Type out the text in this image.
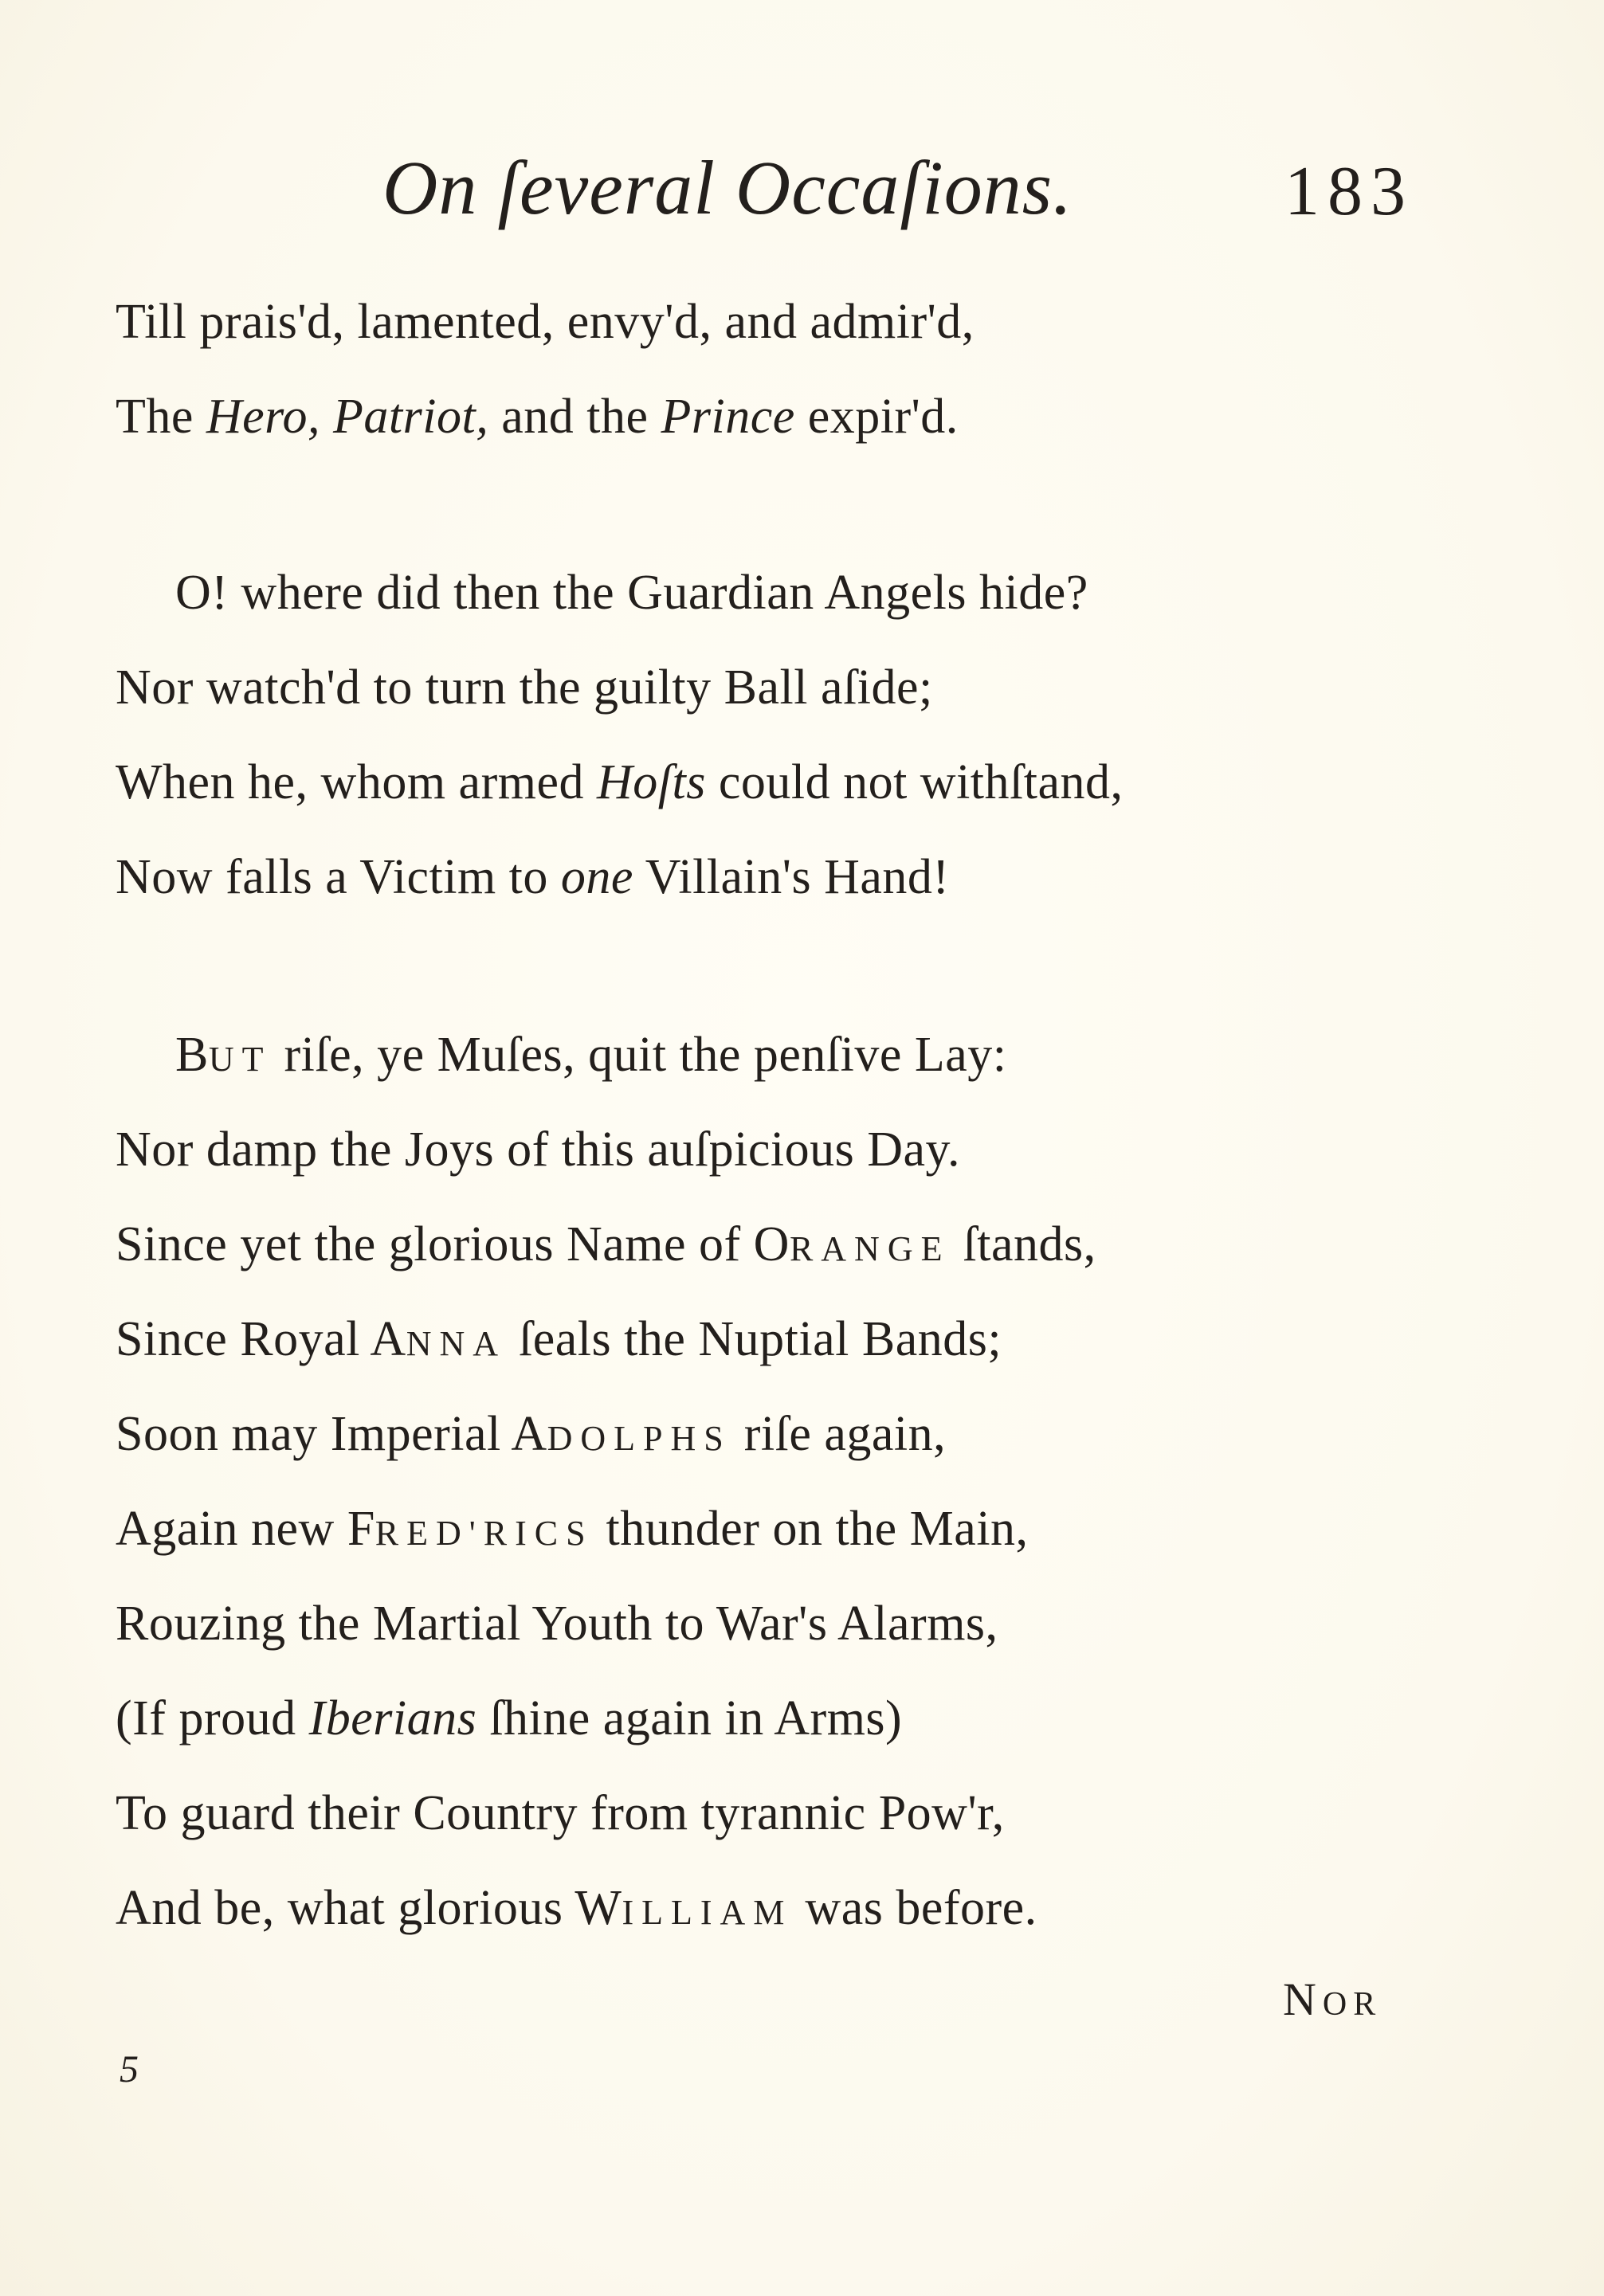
On ſeveral Occaſions.	183
Till prais'd, lamented, envy'd, and admir'd,
The Hero, Patriot, and the Prince expir'd.
O! where did then the Guardian Angels hide?
Nor watch'd to turn the guilty Ball aſide;
When he, whom armed Hoſts could not withſtand,
Now falls a Victim to one Villain's Hand!
BUT riſe, ye Muſes, quit the penſive Lay:
Nor damp the Joys of this auſpicious Day.
Since yet the glorious Name of ORANGE ſtands,
Since Royal ANNA ſeals the Nuptial Bands;
Soon may Imperial ADOLPHS riſe again,
Again new FRED'RICS thunder on the Main,
Rouzing the Martial Youth to War's Alarms,
(If proud Iberians ſhine again in Arms)
To guard their Country from tyrannic Pow'r,
And be, what glorious WILLIAM was before.
NOR
5
